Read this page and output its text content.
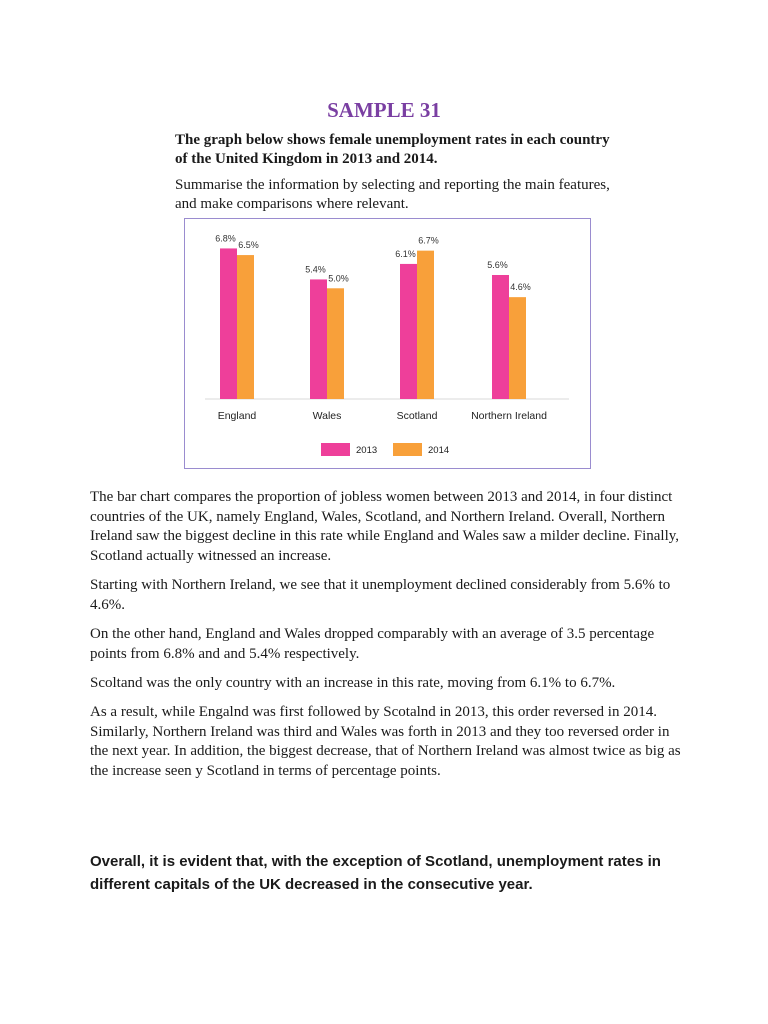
SAMPLE 31
The graph below shows female unemployment rates in each country of the United Kingdom in 2013 and 2014.
Summarise the information by selecting and reporting the main features, and make comparisons where relevant.
6.8%
6.5%
England
5.4%
5.0%
Wales
6.1%
6.7%
Scotland
5.6%
4.6%
Northern Ireland
2013	2014

The bar chart compares the proportion of jobless women between 2013 and 2014, in four distinct countries of the UK, namely England, Wales, Scotland, and Northern Ireland. Overall, Northern Ireland saw the biggest decline in this rate while England and Wales saw a milder decline. Finally, Scotland actually witnessed an increase.

Starting with Northern Ireland, we see that it unemployment declined considerably from 5.6% to 4.6%.

On the other hand, England and Wales dropped comparably with an average of 3.5 percentage points from 6.8% and and 5.4% respectively.

Scoltand was the only country with an increase in this rate, moving from 6.1% to 6.7%.

As a result, while Engalnd was first followed by Scotalnd in 2013, this order reversed in 2014. Similarly, Northern Ireland was third and Wales was forth in 2013 and they too reversed order in the next year. In addition, the biggest decrease, that of Northern Ireland was almost twice as big as the increase seen y Scotland in terms of percentage points.

Overall, it is evident that, with the exception of Scotland, unemployment rates in different capitals of the UK decreased in the consecutive year.
